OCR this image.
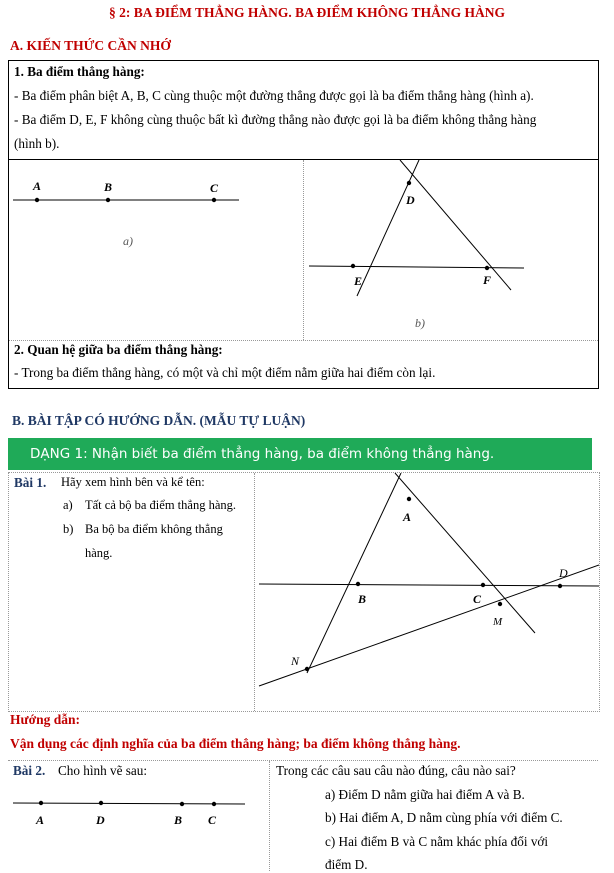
§ 2: BA ĐIỂM THẲNG HÀNG. BA ĐIỂM KHÔNG THẲNG HÀNG
A. KIẾN THỨC CẦN NHỚ
1. Ba điểm thẳng hàng:
- Ba điểm phân biệt A, B, C cùng thuộc một đường thẳng được gọi là ba điểm thẳng hàng (hình a).
- Ba điểm D, E, F không cùng thuộc bất kì đường thẳng nào được gọi là ba điểm không thẳng hàng
(hình b).
A	B	C
a)
D
E	F
b)
2. Quan hệ giữa ba điểm thẳng hàng:
- Trong ba điểm thẳng hàng, có một và chỉ một điểm nằm giữa hai điểm còn lại.
B. BÀI TẬP CÓ HƯỚNG DẪN. (MẪU TỰ LUẬN)
DẠNG 1: Nhận biết ba điểm thẳng hàng, ba điểm không thẳng hàng.
Bài 1. Hãy xem hình bên và kể tên:
a) Tất cả bộ ba điểm thẳng hàng.
b) Ba bộ ba điểm không thẳng
hàng.
A
B	C
D
M
N
Hướng dẫn:
Vận dụng các định nghĩa của ba điểm thẳng hàng; ba điểm không thẳng hàng.
Bài 2. Cho hình vẽ sau:
A	D	B C
Trong các câu sau câu nào đúng, câu nào sai?
a) Điểm D nằm giữa hai điểm A và B.
b) Hai điểm A, D nằm cùng phía với điểm C.
c) Hai điểm B và C nằm khác phía đối với
điểm D.
